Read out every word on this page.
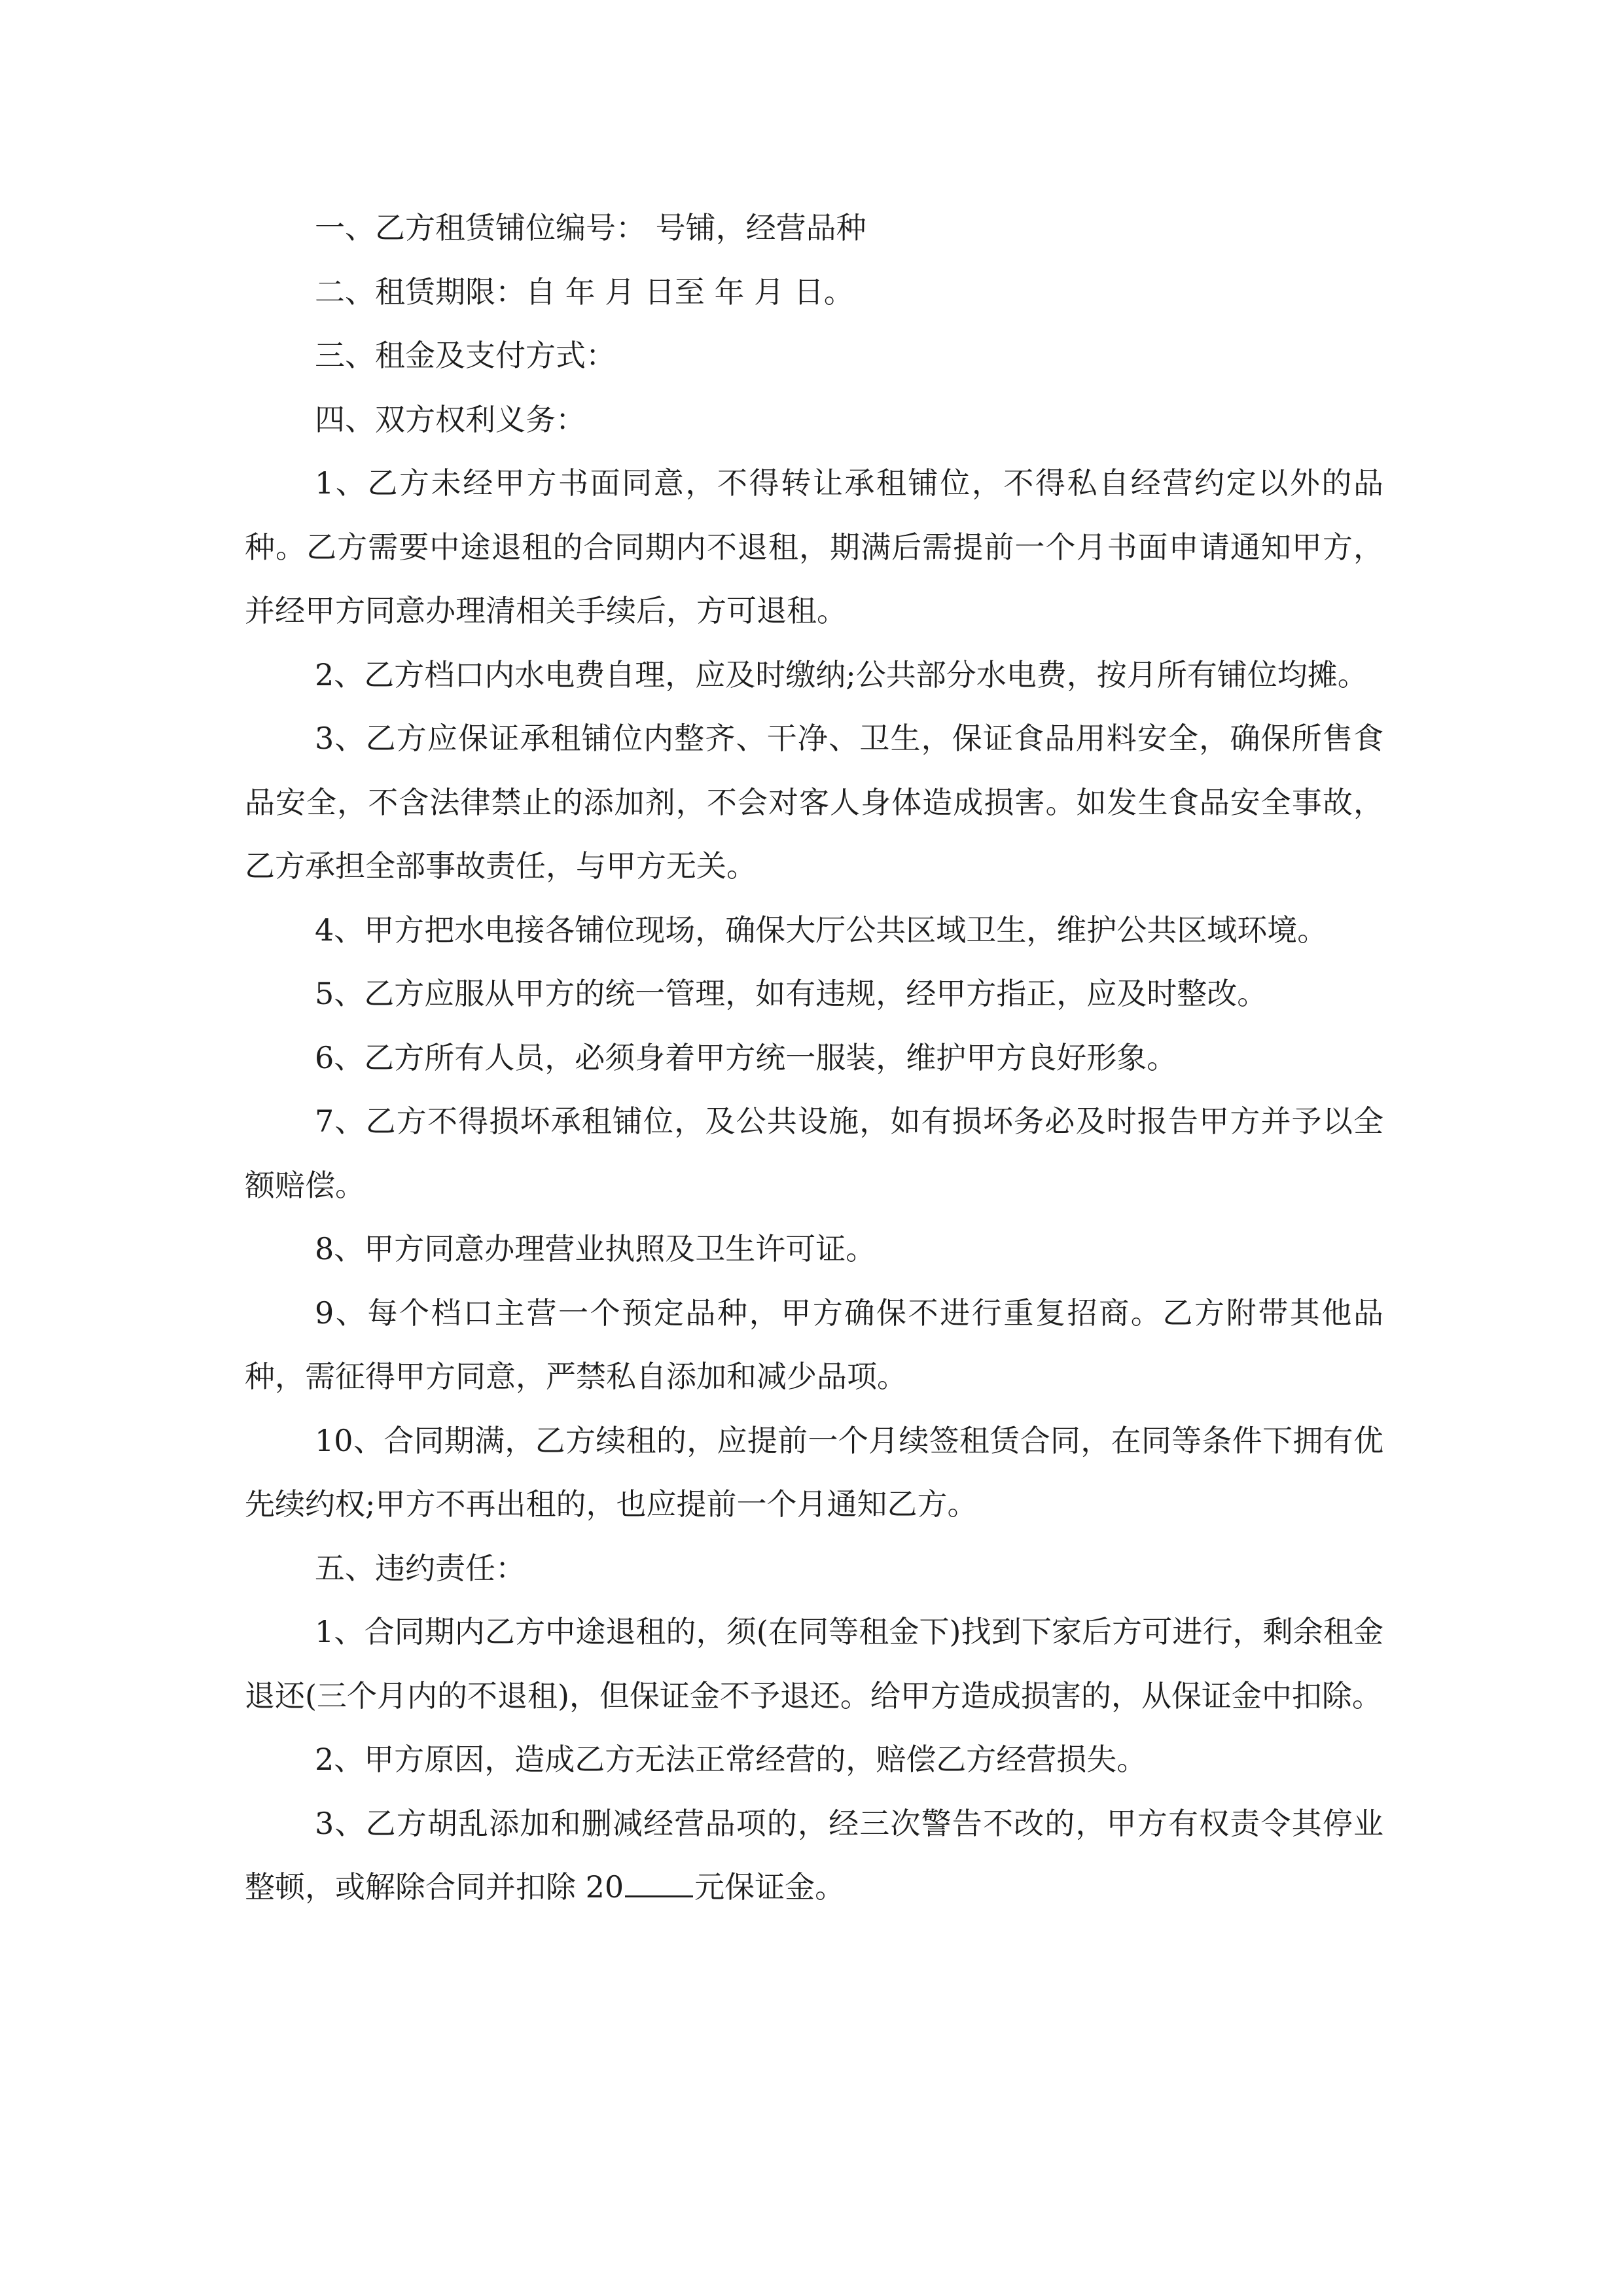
一、乙方租赁铺位编号： 号铺，经营品种

二、租赁期限：自 年 月 日至 年 月 日。

三、租金及支付方式：

四、双方权利义务：

1、乙方未经甲方书面同意，不得转让承租铺位，不得私自经营约定以外的品种。乙方需要中途退租的合同期内不退租，期满后需提前一个月书面申请通知甲方，并经甲方同意办理清相关手续后，方可退租。

2、乙方档口内水电费自理，应及时缴纳;公共部分水电费，按月所有铺位均摊。

3、乙方应保证承租铺位内整齐、干净、卫生，保证食品用料安全，确保所售食品安全，不含法律禁止的添加剂，不会对客人身体造成损害。如发生食品安全事故，乙方承担全部事故责任，与甲方无关。

4、甲方把水电接各铺位现场，确保大厅公共区域卫生，维护公共区域环境。

5、乙方应服从甲方的统一管理，如有违规，经甲方指正，应及时整改。

6、乙方所有人员，必须身着甲方统一服装，维护甲方良好形象。

7、乙方不得损坏承租铺位，及公共设施，如有损坏务必及时报告甲方并予以全额赔偿。

8、甲方同意办理营业执照及卫生许可证。

9、每个档口主营一个预定品种，甲方确保不进行重复招商。乙方附带其他品种，需征得甲方同意，严禁私自添加和减少品项。

10、合同期满，乙方续租的，应提前一个月续签租赁合同，在同等条件下拥有优先续约权;甲方不再出租的，也应提前一个月通知乙方。

五、违约责任：

1、合同期内乙方中途退租的，须(在同等租金下)找到下家后方可进行，剩余租金退还(三个月内的不退租)，但保证金不予退还。给甲方造成损害的，从保证金中扣除。

2、甲方原因，造成乙方无法正常经营的，赔偿乙方经营损失。

3、乙方胡乱添加和删减经营品项的，经三次警告不改的，甲方有权责令其停业整顿，或解除合同并扣除 20 元保证金。
